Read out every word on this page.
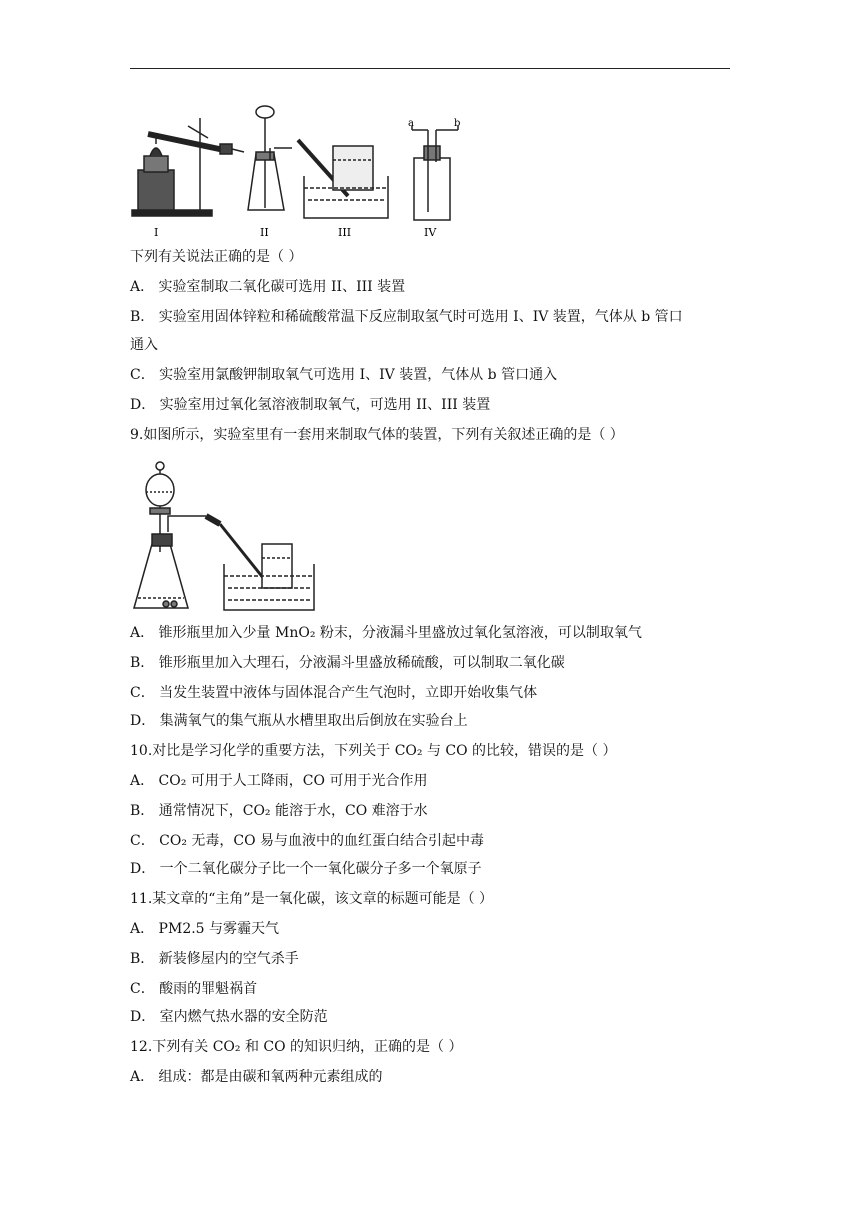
I	II	III	IV
a	b
下列有关说法正确的是（ ）
A． 实验室制取二氧化碳可选用 II、III 装置
B． 实验室用固体锌粒和稀硫酸常温下反应制取氢气时可选用 I、IV 装置，气体从 b 管口
通入
C． 实验室用氯酸钾制取氧气可选用 I、IV 装置，气体从 b 管口通入
D． 实验室用过氧化氢溶液制取氧气，可选用 II、III 装置
9.如图所示，实验室里有一套用来制取气体的装置，下列有关叙述正确的是（ ）
A． 锥形瓶里加入少量 MnO₂ 粉末，分液漏斗里盛放过氧化氢溶液，可以制取氧气
B． 锥形瓶里加入大理石，分液漏斗里盛放稀硫酸，可以制取二氧化碳
C． 当发生装置中液体与固体混合产生气泡时，立即开始收集气体
D． 集满氧气的集气瓶从水槽里取出后倒放在实验台上
10.对比是学习化学的重要方法，下列关于 CO₂ 与 CO 的比较，错误的是（ ）
A． CO₂ 可用于人工降雨，CO 可用于光合作用
B． 通常情况下，CO₂ 能溶于水，CO 难溶于水
C． CO₂ 无毒，CO 易与血液中的血红蛋白结合引起中毒
D． 一个二氧化碳分子比一个一氧化碳分子多一个氧原子
11.某文章的“主角”是一氧化碳，该文章的标题可能是（ ）
A． PM2.5 与雾霾天气
B． 新装修屋内的空气杀手
C． 酸雨的罪魁祸首
D． 室内燃气热水器的安全防范
12.下列有关 CO₂ 和 CO 的知识归纳，正确的是（ ）
A． 组成：都是由碳和氧两种元素组成的
